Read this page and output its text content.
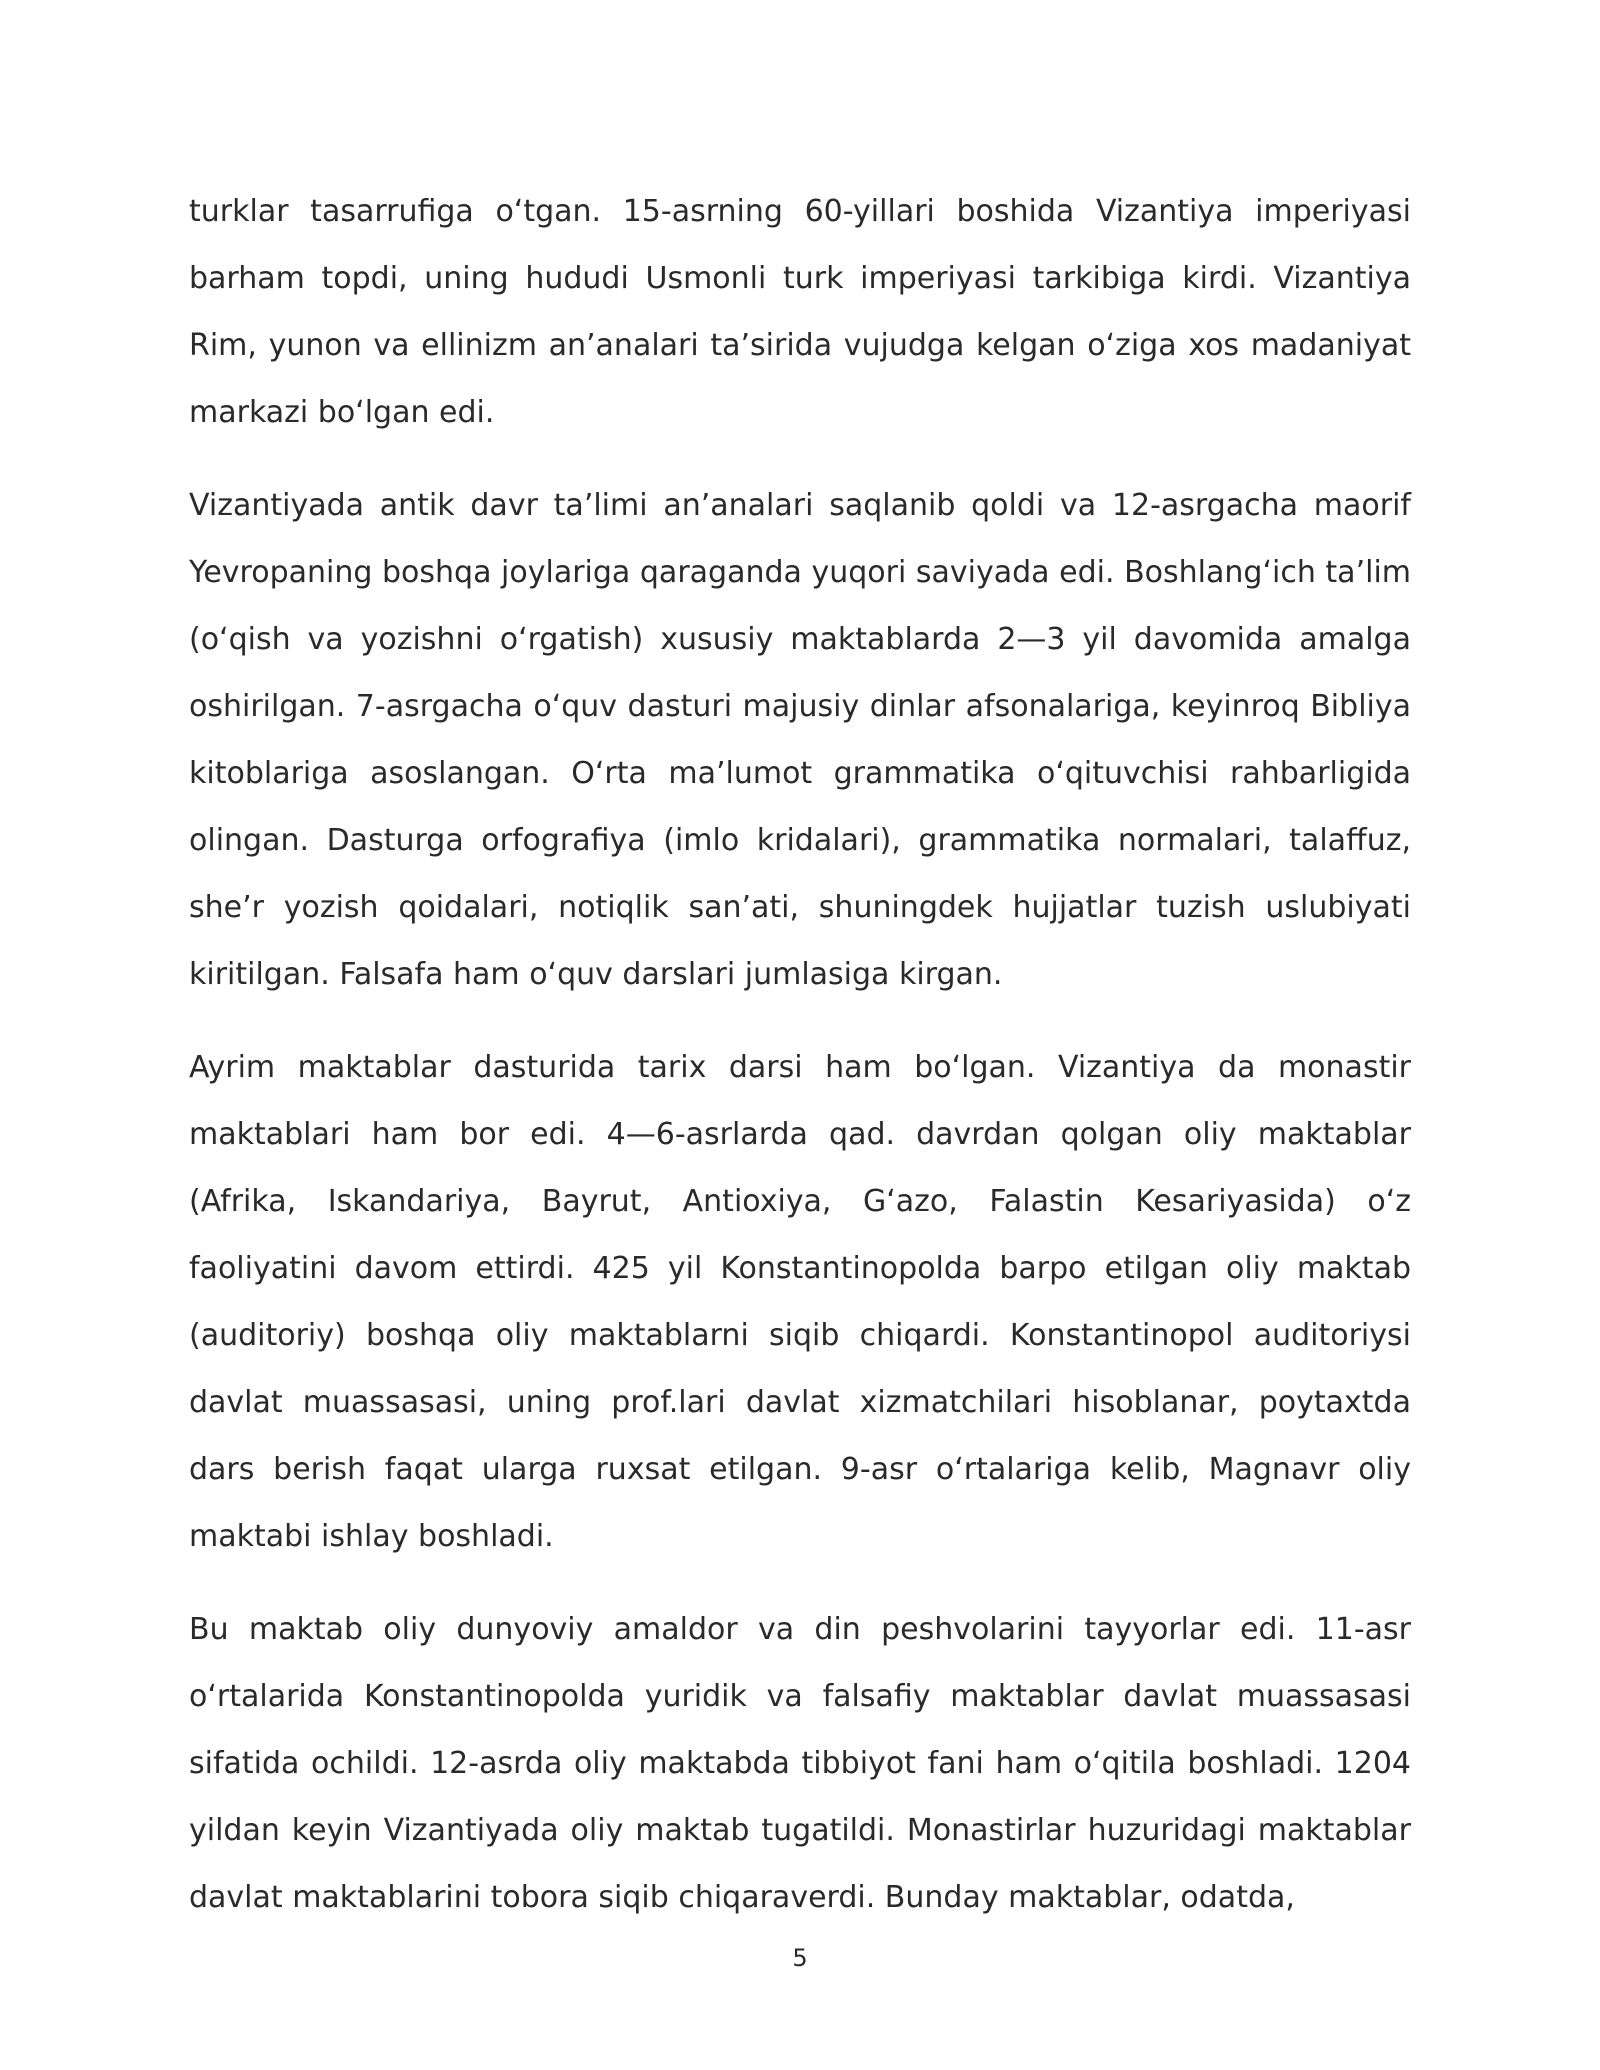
turklar tasarrufiga oʻtgan. 15-asrning 60-yillari boshida Vizantiya imperiyasi barham topdi, uning hududi Usmonli turk imperiyasi tarkibiga kirdi. Vizantiya Rim, yunon va ellinizm an’analari ta’sirida vujudga kelgan oʻziga xos madaniyat markazi boʻlgan edi.

Vizantiyada antik davr ta’limi an’analari saqlanib qoldi va 12-asrgacha maorif Yevropaning boshqa joylariga qaraganda yuqori saviyada edi. Boshlangʻich ta’lim (oʻqish va yozishni oʻrgatish) xususiy maktablarda 2—3 yil davomida amalga oshirilgan. 7-asrgacha oʻquv dasturi majusiy dinlar afsonalariga, keyinroq Bibliya kitoblariga asoslangan. Oʻrta ma’lumot grammatika oʻqituvchisi rahbarligida olingan. Dasturga orfografiya (imlo kridalari), grammatika normalari, talaffuz, she’r yozish qoidalari, notiqlik san’ati, shuningdek hujjatlar tuzish uslubiyati kiritilgan. Falsafa ham oʻquv darslari jumlasiga kirgan.

Ayrim maktablar dasturida tarix darsi ham boʻlgan. Vizantiya da monastir maktablari ham bor edi. 4—6-asrlarda qad. davrdan qolgan oliy maktablar (Afrika, Iskandariya, Bayrut, Antioxiya, Gʻazo, Falastin Kesariyasida) oʻz faoliyatini davom ettirdi. 425 yil Konstantinopolda barpo etilgan oliy maktab (auditoriy) boshqa oliy maktablarni siqib chiqardi. Konstantinopol auditoriysi davlat muassasasi, uning prof.lari davlat xizmatchilari hisoblanar, poytaxtda dars berish faqat ularga ruxsat etilgan. 9-asr oʻrtalariga kelib, Magnavr oliy maktabi ishlay boshladi.

Bu maktab oliy dunyoviy amaldor va din peshvolarini tayyorlar edi. 11-asr oʻrtalarida Konstantinopolda yuridik va falsafiy maktablar davlat muassasasi sifatida ochildi. 12-asrda oliy maktabda tibbiyot fani ham oʻqitila boshladi. 1204 yildan keyin Vizantiyada oliy maktab tugatildi. Monastirlar huzuridagi maktablar davlat maktablarini tobora siqib chiqaraverdi. Bunday maktablar, odatda,

5
